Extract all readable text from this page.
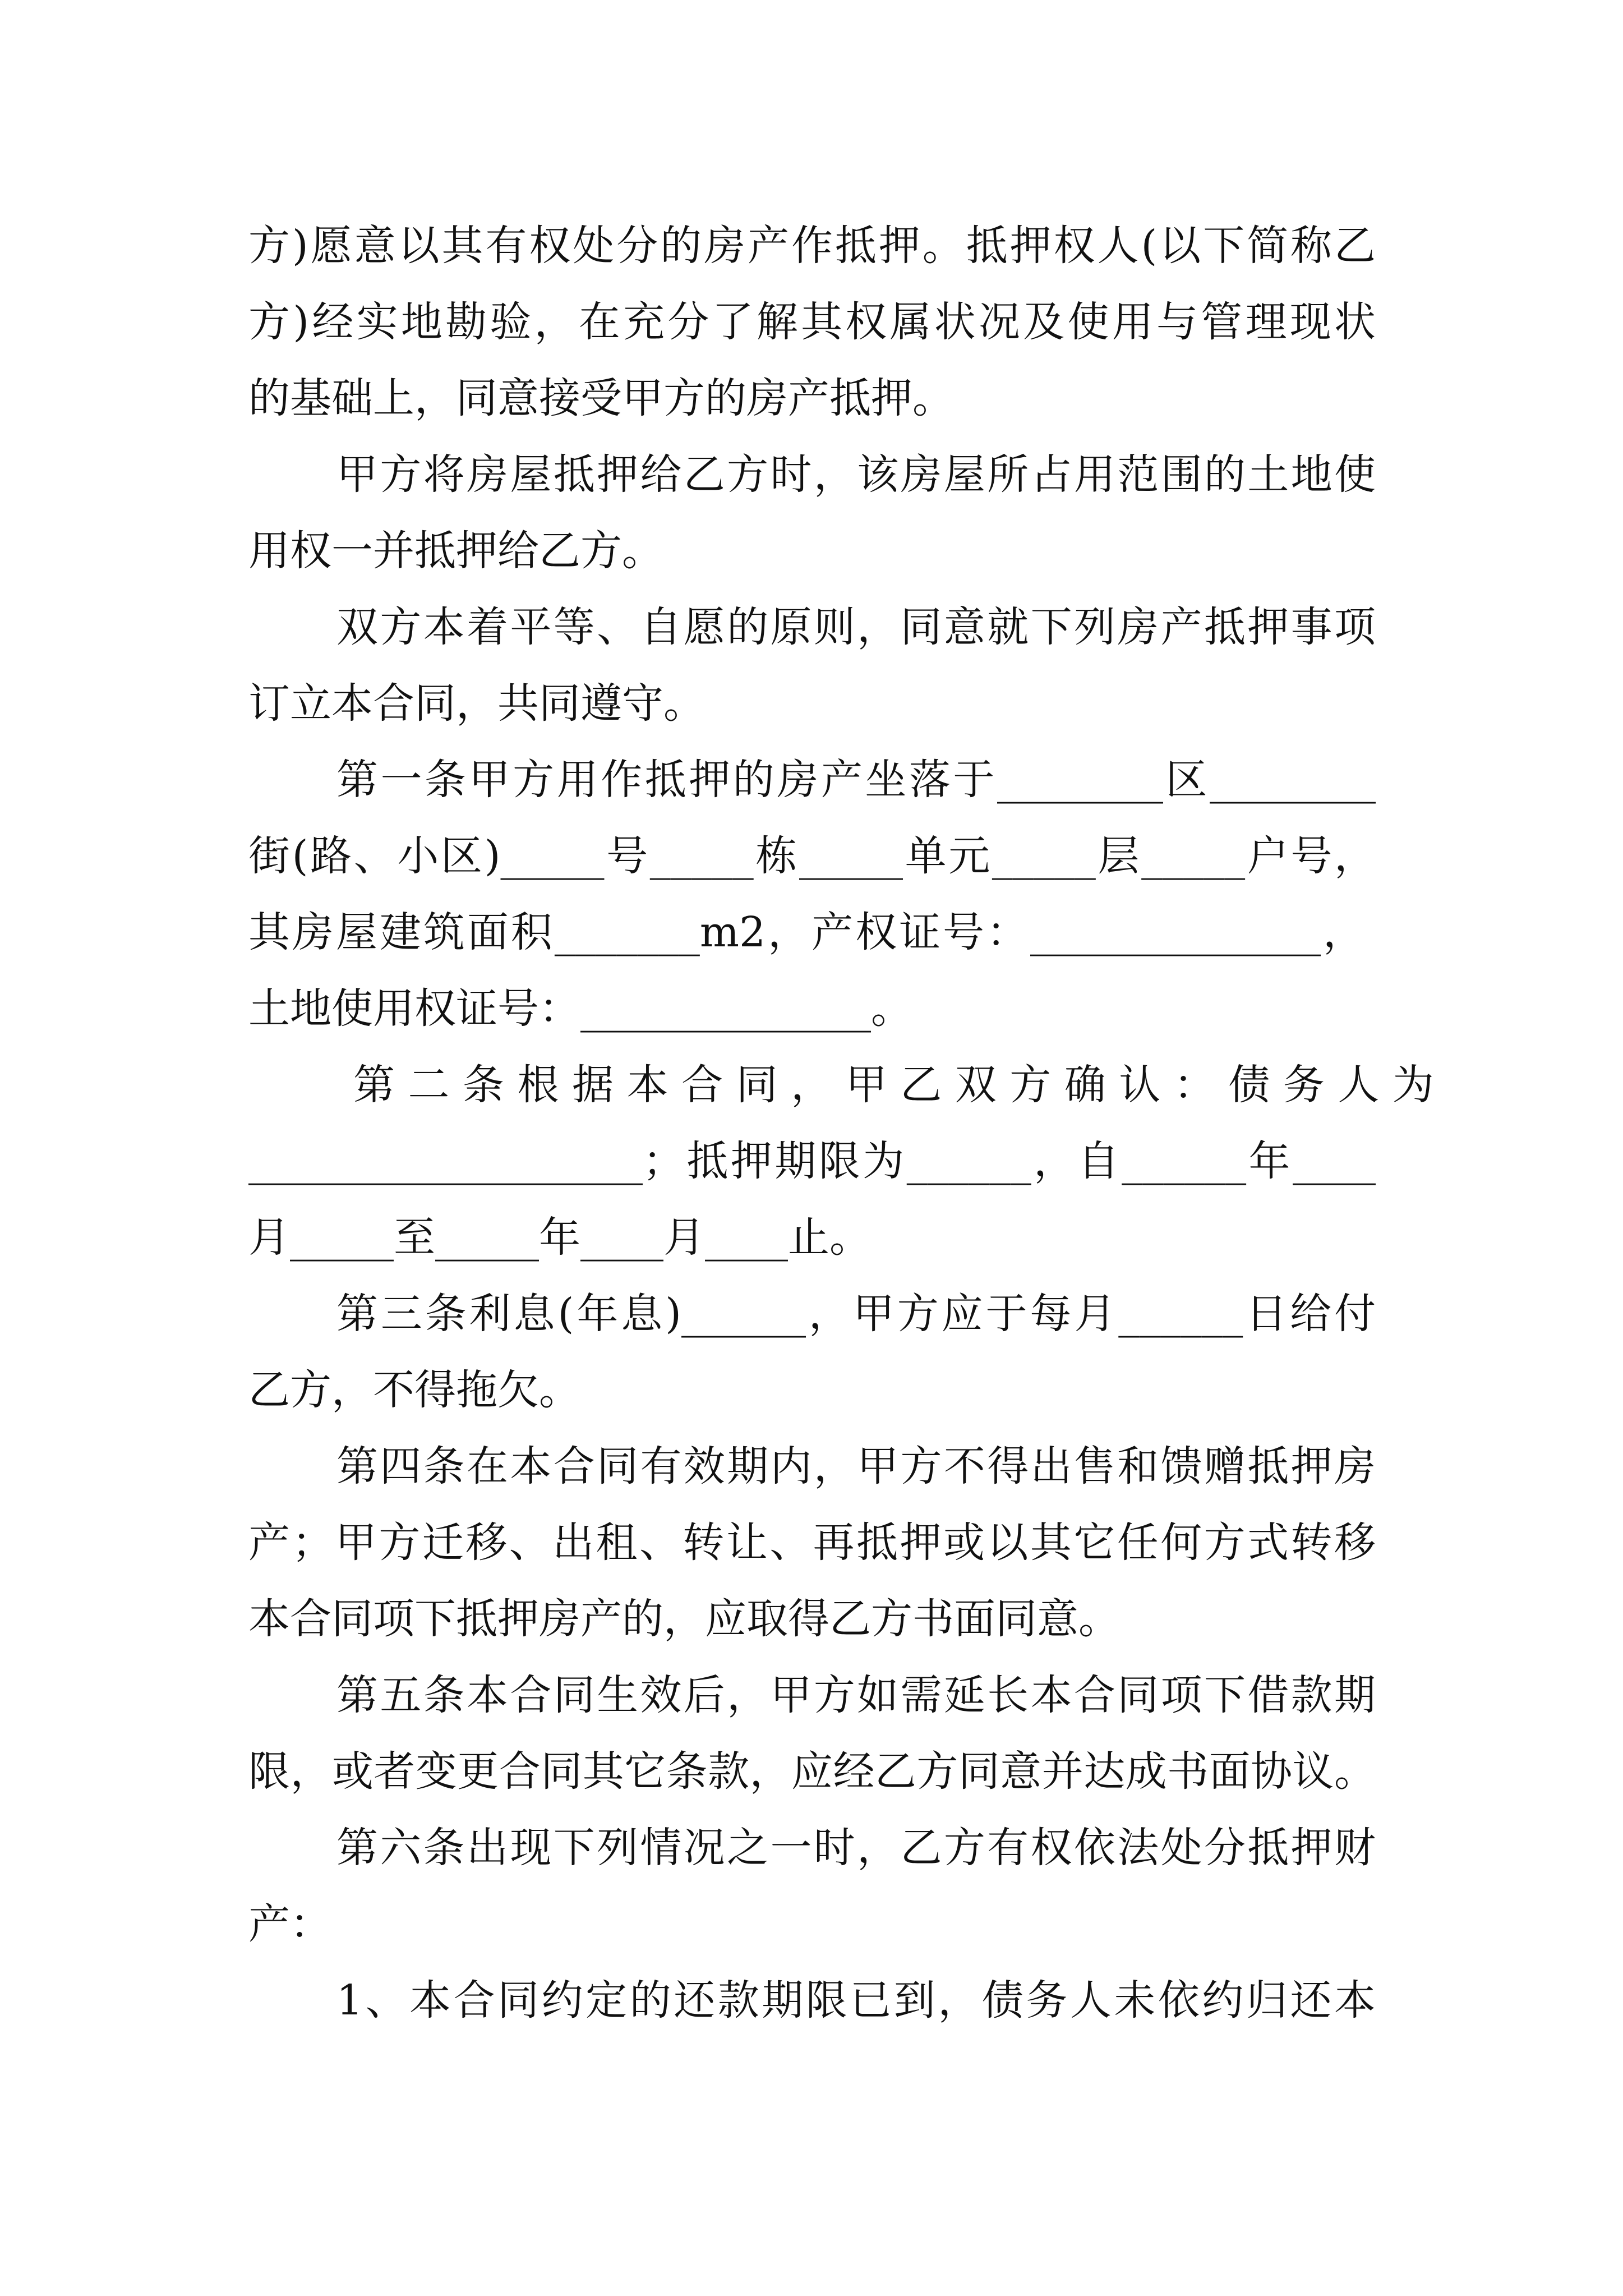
方)愿意以其有权处分的房产作抵押。抵押权人(以下简称乙
方)经实地勘验，在充分了解其权属状况及使用与管理现状
的基础上，同意接受甲方的房产抵押。
甲方将房屋抵押给乙方时，该房屋所占用范围的土地使
用权一并抵押给乙方。
双方本着平等、自愿的原则，同意就下列房产抵押事项
订立本合同，共同遵守。
第一条甲方用作抵押的房产坐落于________区________
街(路、小区)_____号_____栋_____单元_____层_____户号，
其房屋建筑面积_______m2，产权证号：______________，
土地使用权证号：______________。
第 二 条 根 据 本 合 同 ， 甲 乙 双 方 确 认 ： 债 务 人 为
___________________；抵押期限为______，自______年____
月_____至_____年____月____止。
第三条利息(年息)______，甲方应于每月______日给付
乙方，不得拖欠。
第四条在本合同有效期内，甲方不得出售和馈赠抵押房
产；甲方迁移、出租、转让、再抵押或以其它任何方式转移
本合同项下抵押房产的，应取得乙方书面同意。
第五条本合同生效后，甲方如需延长本合同项下借款期
限，或者变更合同其它条款，应经乙方同意并达成书面协议。
第六条出现下列情况之一时，乙方有权依法处分抵押财
产：
1、本合同约定的还款期限已到，债务人未依约归还本
